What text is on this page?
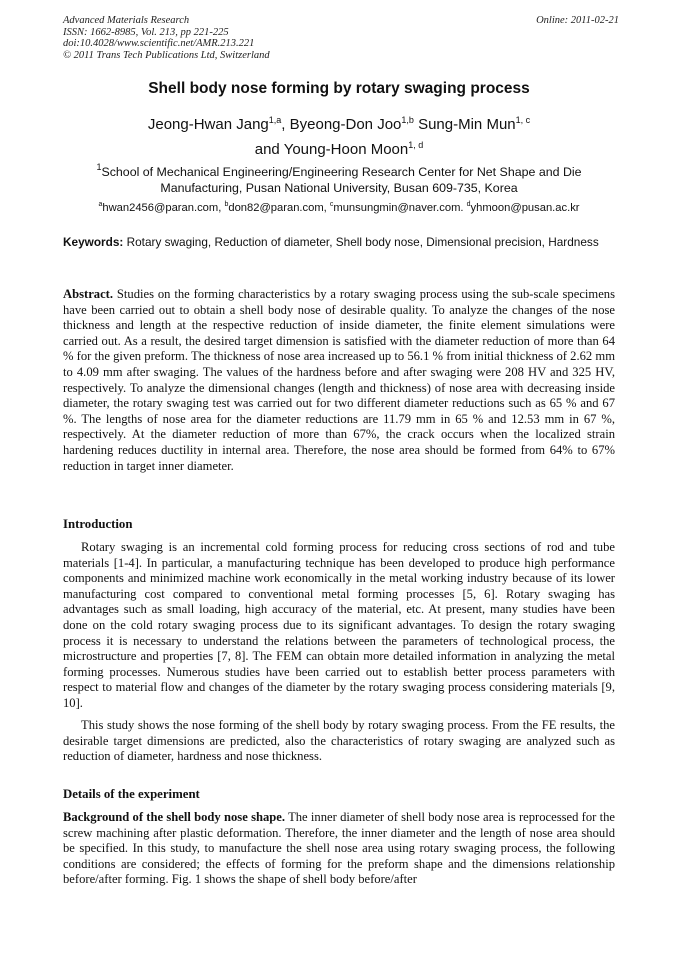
Advanced Materials Research
ISSN: 1662-8985, Vol. 213, pp 221-225
doi:10.4028/www.scientific.net/AMR.213.221
© 2011 Trans Tech Publications Ltd, Switzerland
Online: 2011-02-21
Shell body nose forming by rotary swaging process
Jeong-Hwan Jang$^{1,a}$, Byeong-Don Joo$^{1,b}$ Sung-Min Mun$^{1, c}$
and Young-Hoon Moon$^{1, d}$
$^1$School of Mechanical Engineering/Engineering Research Center for Net Shape and Die
Manufacturing, Pusan National University, Busan 609-735, Korea
$^a$hwan2456@paran.com, $^b$don82@paran.com, $^c$munsungmin@naver.com. $^d$yhmoon@pusan.ac.kr
Keywords: Rotary swaging, Reduction of diameter, Shell body nose, Dimensional precision, Hardness
Abstract. Studies on the forming characteristics by a rotary swaging process using the sub-scale specimens have been carried out to obtain a shell body nose of desirable quality. To analyze the changes of the nose thickness and length at the respective reduction of inside diameter, the finite element simulations were carried out. As a result, the desired target dimension is satisfied with the diameter reduction of more than 64 % for the given preform. The thickness of nose area increased up to 56.1 % from initial thickness of 2.62 mm to 4.09 mm after swaging. The values of the hardness before and after swaging were 208 HV and 325 HV, respectively. To analyze the dimensional changes (length and thickness) of nose area with decreasing inside diameter, the rotary swaging test was carried out for two different diameter reductions such as 65 % and 67 %. The lengths of nose area for the diameter reductions are 11.79 mm in 65 % and 12.53 mm in 67 %, respectively. At the diameter reduction of more than 67%, the crack occurs when the localized strain hardening reduces ductility in internal area. Therefore, the nose area should be formed from 64% to 67% reduction in target inner diameter.
Introduction
Rotary swaging is an incremental cold forming process for reducing cross sections of rod and tube materials [1-4]. In particular, a manufacturing technique has been developed to produce high performance components and minimized machine work economically in the metal working industry because of its lower manufacturing cost compared to conventional metal forming processes [5, 6]. Rotary swaging has advantages such as small loading, high accuracy of the material, etc. At present, many studies have been done on the cold rotary swaging process due to its significant advantages. To design the rotary swaging process it is necessary to understand the relations between the parameters of technological process, the microstructure and properties [7, 8]. The FEM can obtain more detailed information in analyzing the metal forming processes. Numerous studies have been carried out to establish better process parameters with respect to material flow and changes of the diameter by the rotary swaging process considering materials [9, 10].
This study shows the nose forming of the shell body by rotary swaging process. From the FE results, the desirable target dimensions are predicted, also the characteristics of rotary swaging are analyzed such as reduction of diameter, hardness and nose thickness.
Details of the experiment
Background of the shell body nose shape. The inner diameter of shell body nose area is reprocessed for the screw machining after plastic deformation. Therefore, the inner diameter and the length of nose area should be specified. In this study, to manufacture the shell nose area using rotary swaging process, the following conditions are considered; the effects of forming for the preform shape and the dimensions relationship before/after forming. Fig. 1 shows the shape of shell body before/after
